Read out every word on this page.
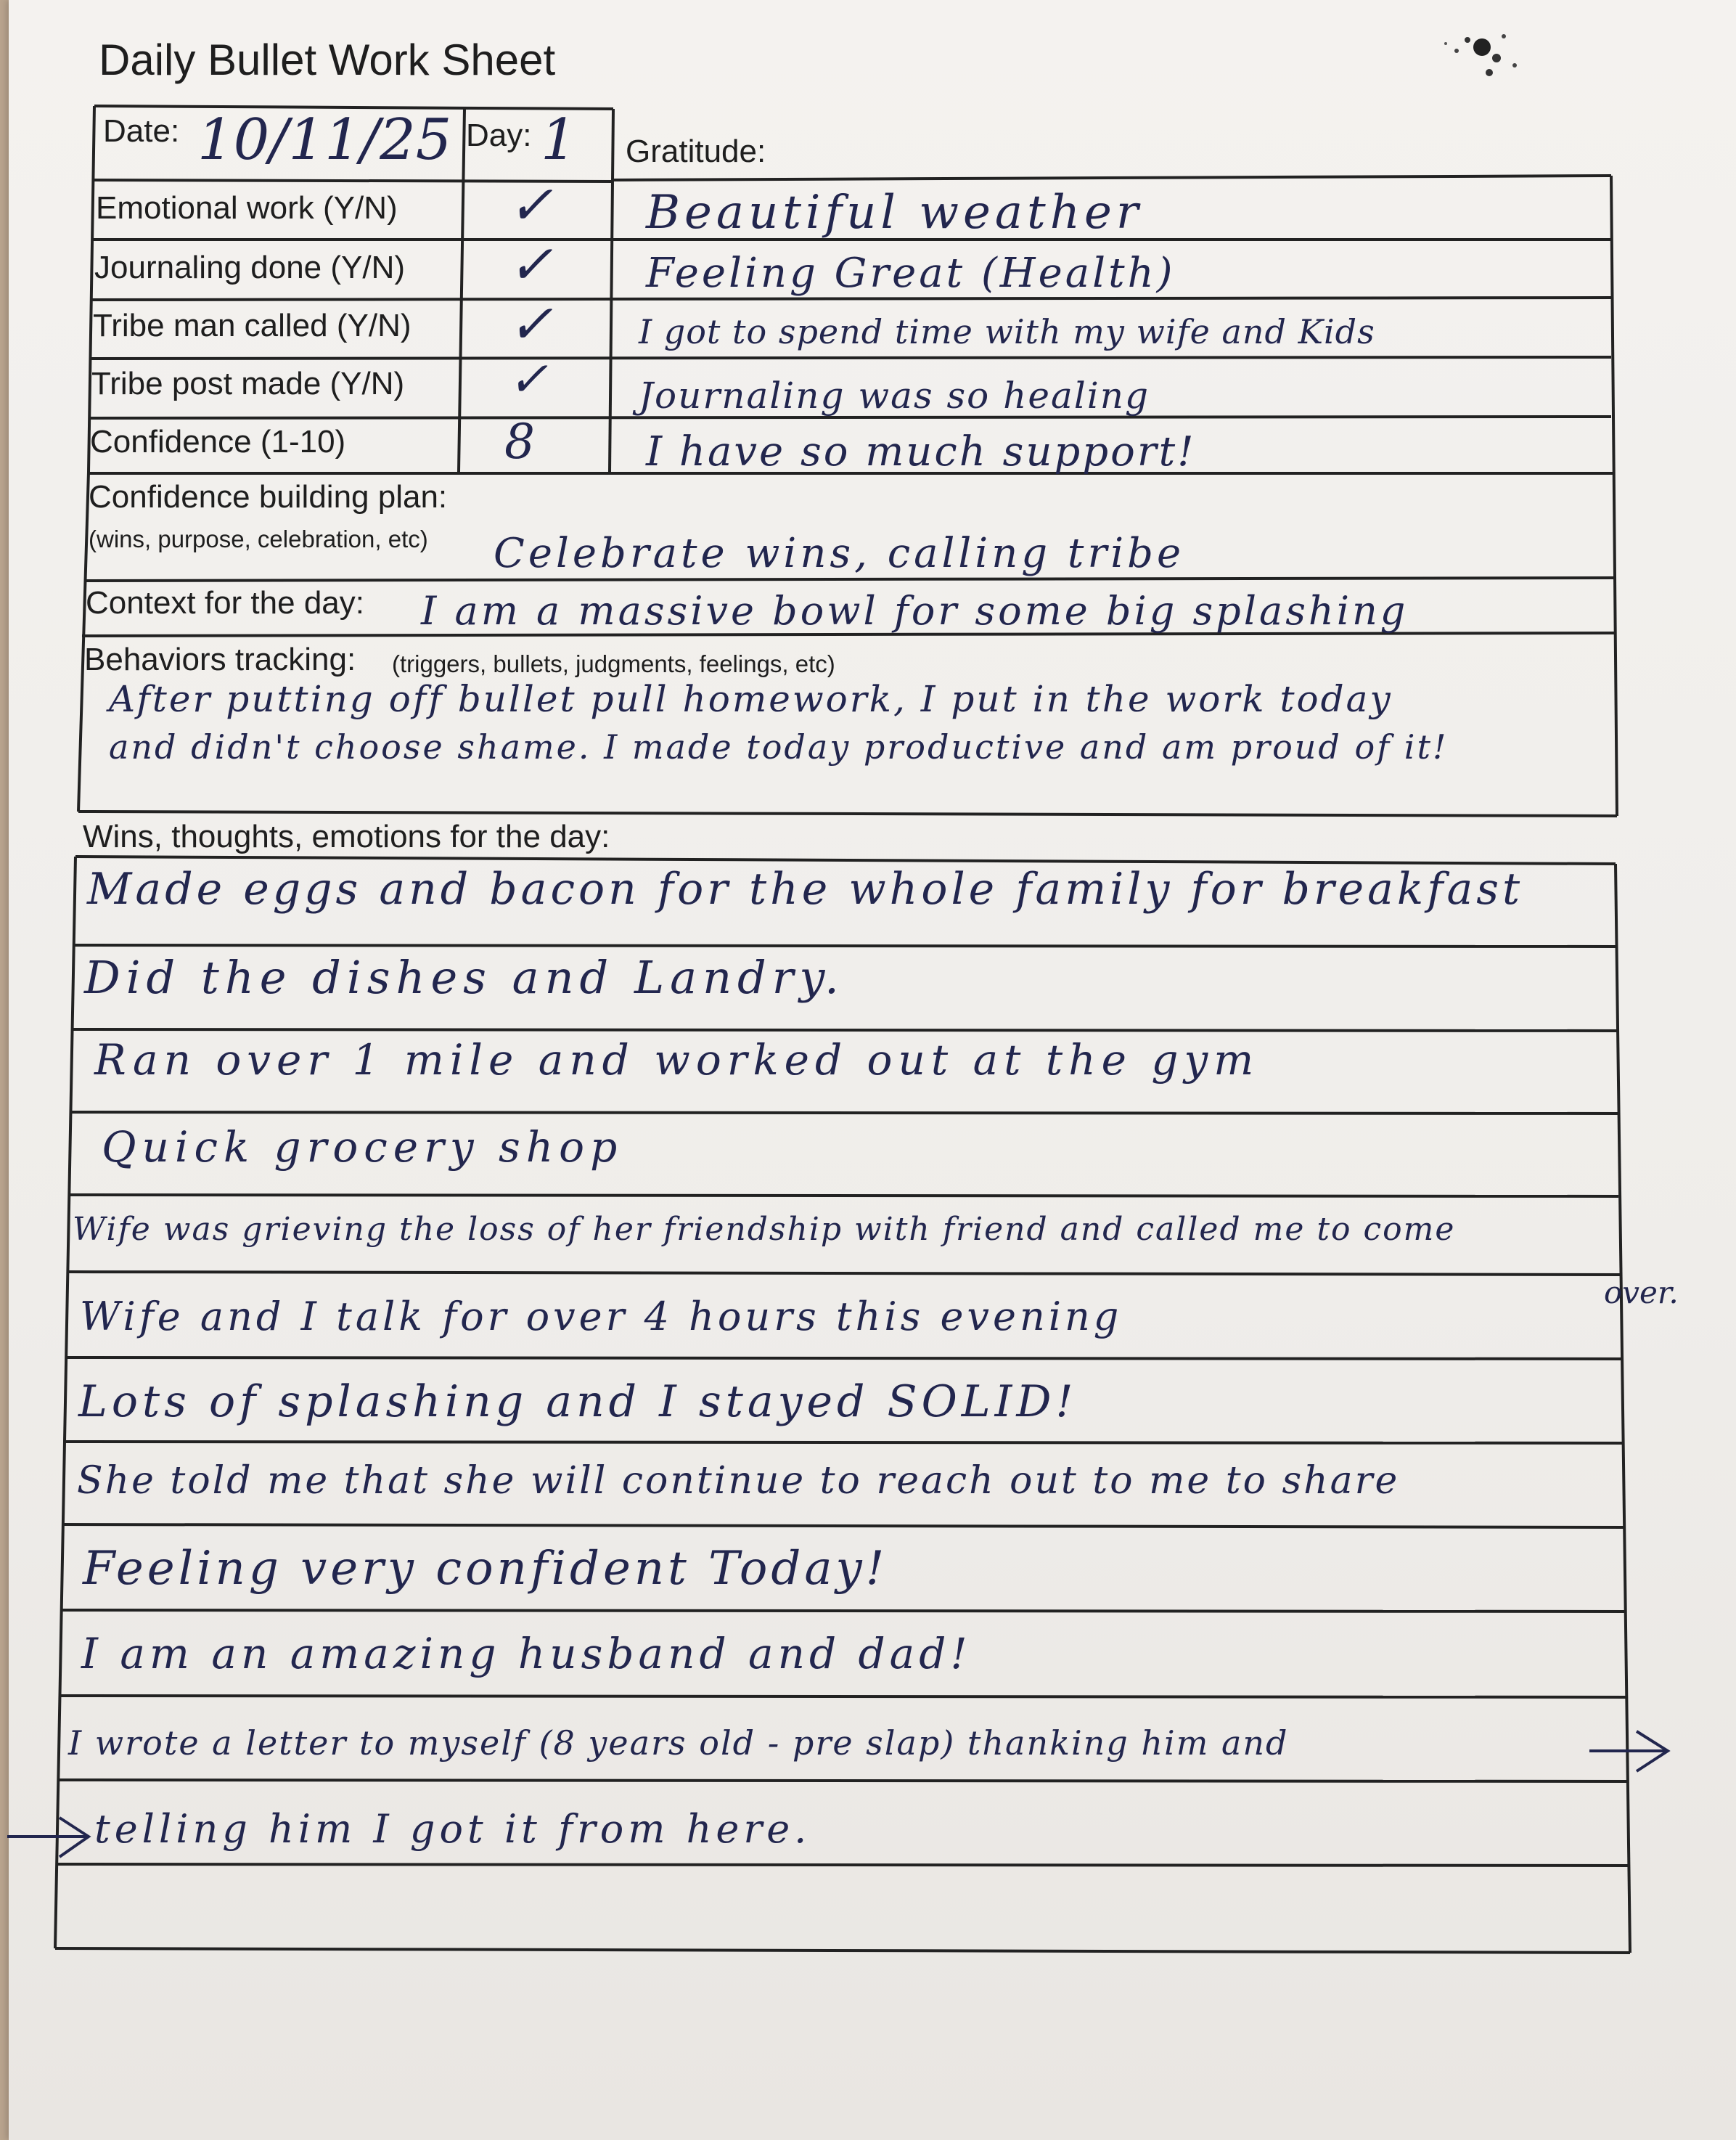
Daily Bullet Work Sheet
Date: 10/11/25 Day: 1 Gratitude:
Emotional work (Y/N)
Journaling done (Y/N)
Tribe man called (Y/N)
Tribe post made (Y/N)
Confidence (1-10)
✓
✓
✓
✓
8
Beautiful weather
Feeling Great (Health)
I got to spend time with my wife and Kids
Journaling was so healing
I have so much support!
Confidence building plan:
(wins, purpose, celebration, etc) Celebrate wins, calling tribe
Context for the day: I am a massive bowl for some big splashing
Behaviors tracking: (triggers, bullets, judgments, feelings, etc)
After putting off bullet pull homework, I put in the work today
and didn't choose shame. I made today productive and am proud of it!
Wins, thoughts, emotions for the day:
Made eggs and bacon for the whole family for breakfast
Did the dishes and Landry.
Ran over 1 mile and worked out at the gym
Quick grocery shop
Wife was grieving the loss of her friendship with friend and called me to come
over.
Wife and I talk for over 4 hours this evening
Lots of splashing and I stayed SOLID!
She told me that she will continue to reach out to me to share
Feeling very confident Today!
I am an amazing husband and dad!
I wrote a letter to myself (8 years old - pre slap) thanking him and
telling him I got it from here.
